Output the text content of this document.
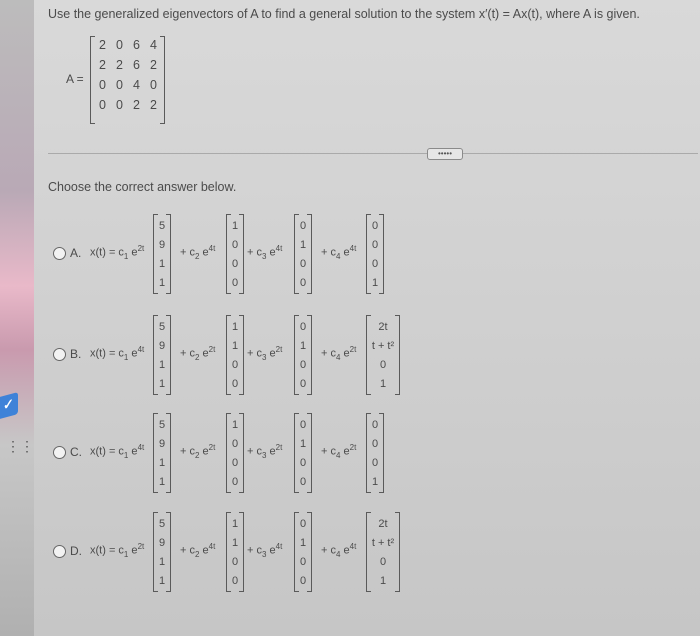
✓
⋮⋮
Use the generalized eigenvectors of A to find a general solution to the system x′(t) = Ax(t), where A is given.
A =
2 0 6 4
2 2 6 2
0 0 4 0
0 0 2 2
•••••
Choose the correct answer below.
A. $x(t) = c_1$ $e^{2t}$
5
9
1
1
+ $c_2$ $e^{4t}$
1
0
0
0
+ $c_3$ $e^{4t}$
0
1
0
0
+ $c_4$ $e^{4t}$
0
0
0
1
B. $x(t) = c_1$ $e^{4t}$
5
9
1
1
+ $c_2$ $e^{2t}$
1
1
0
0
+ $c_3$ $e^{2t}$
0
1
0
0
+ $c_4$ $e^{2t}$
2t
t + t²
0
1
C. $x(t) = c_1$ $e^{4t}$
5
9
1
1
+ $c_2$ $e^{2t}$
1
0
0
0
+ $c_3$ $e^{2t}$
0
1
0
0
+ $c_4$ $e^{2t}$
0
0
0
1
D. $x(t) = c_1$ $e^{2t}$
5
9
1
1
+ $c_2$ $e^{4t}$
1
1
0
0
+ $c_3$ $e^{4t}$
0
1
0
0
+ $c_4$ $e^{4t}$
2t
t + t²
0
1
